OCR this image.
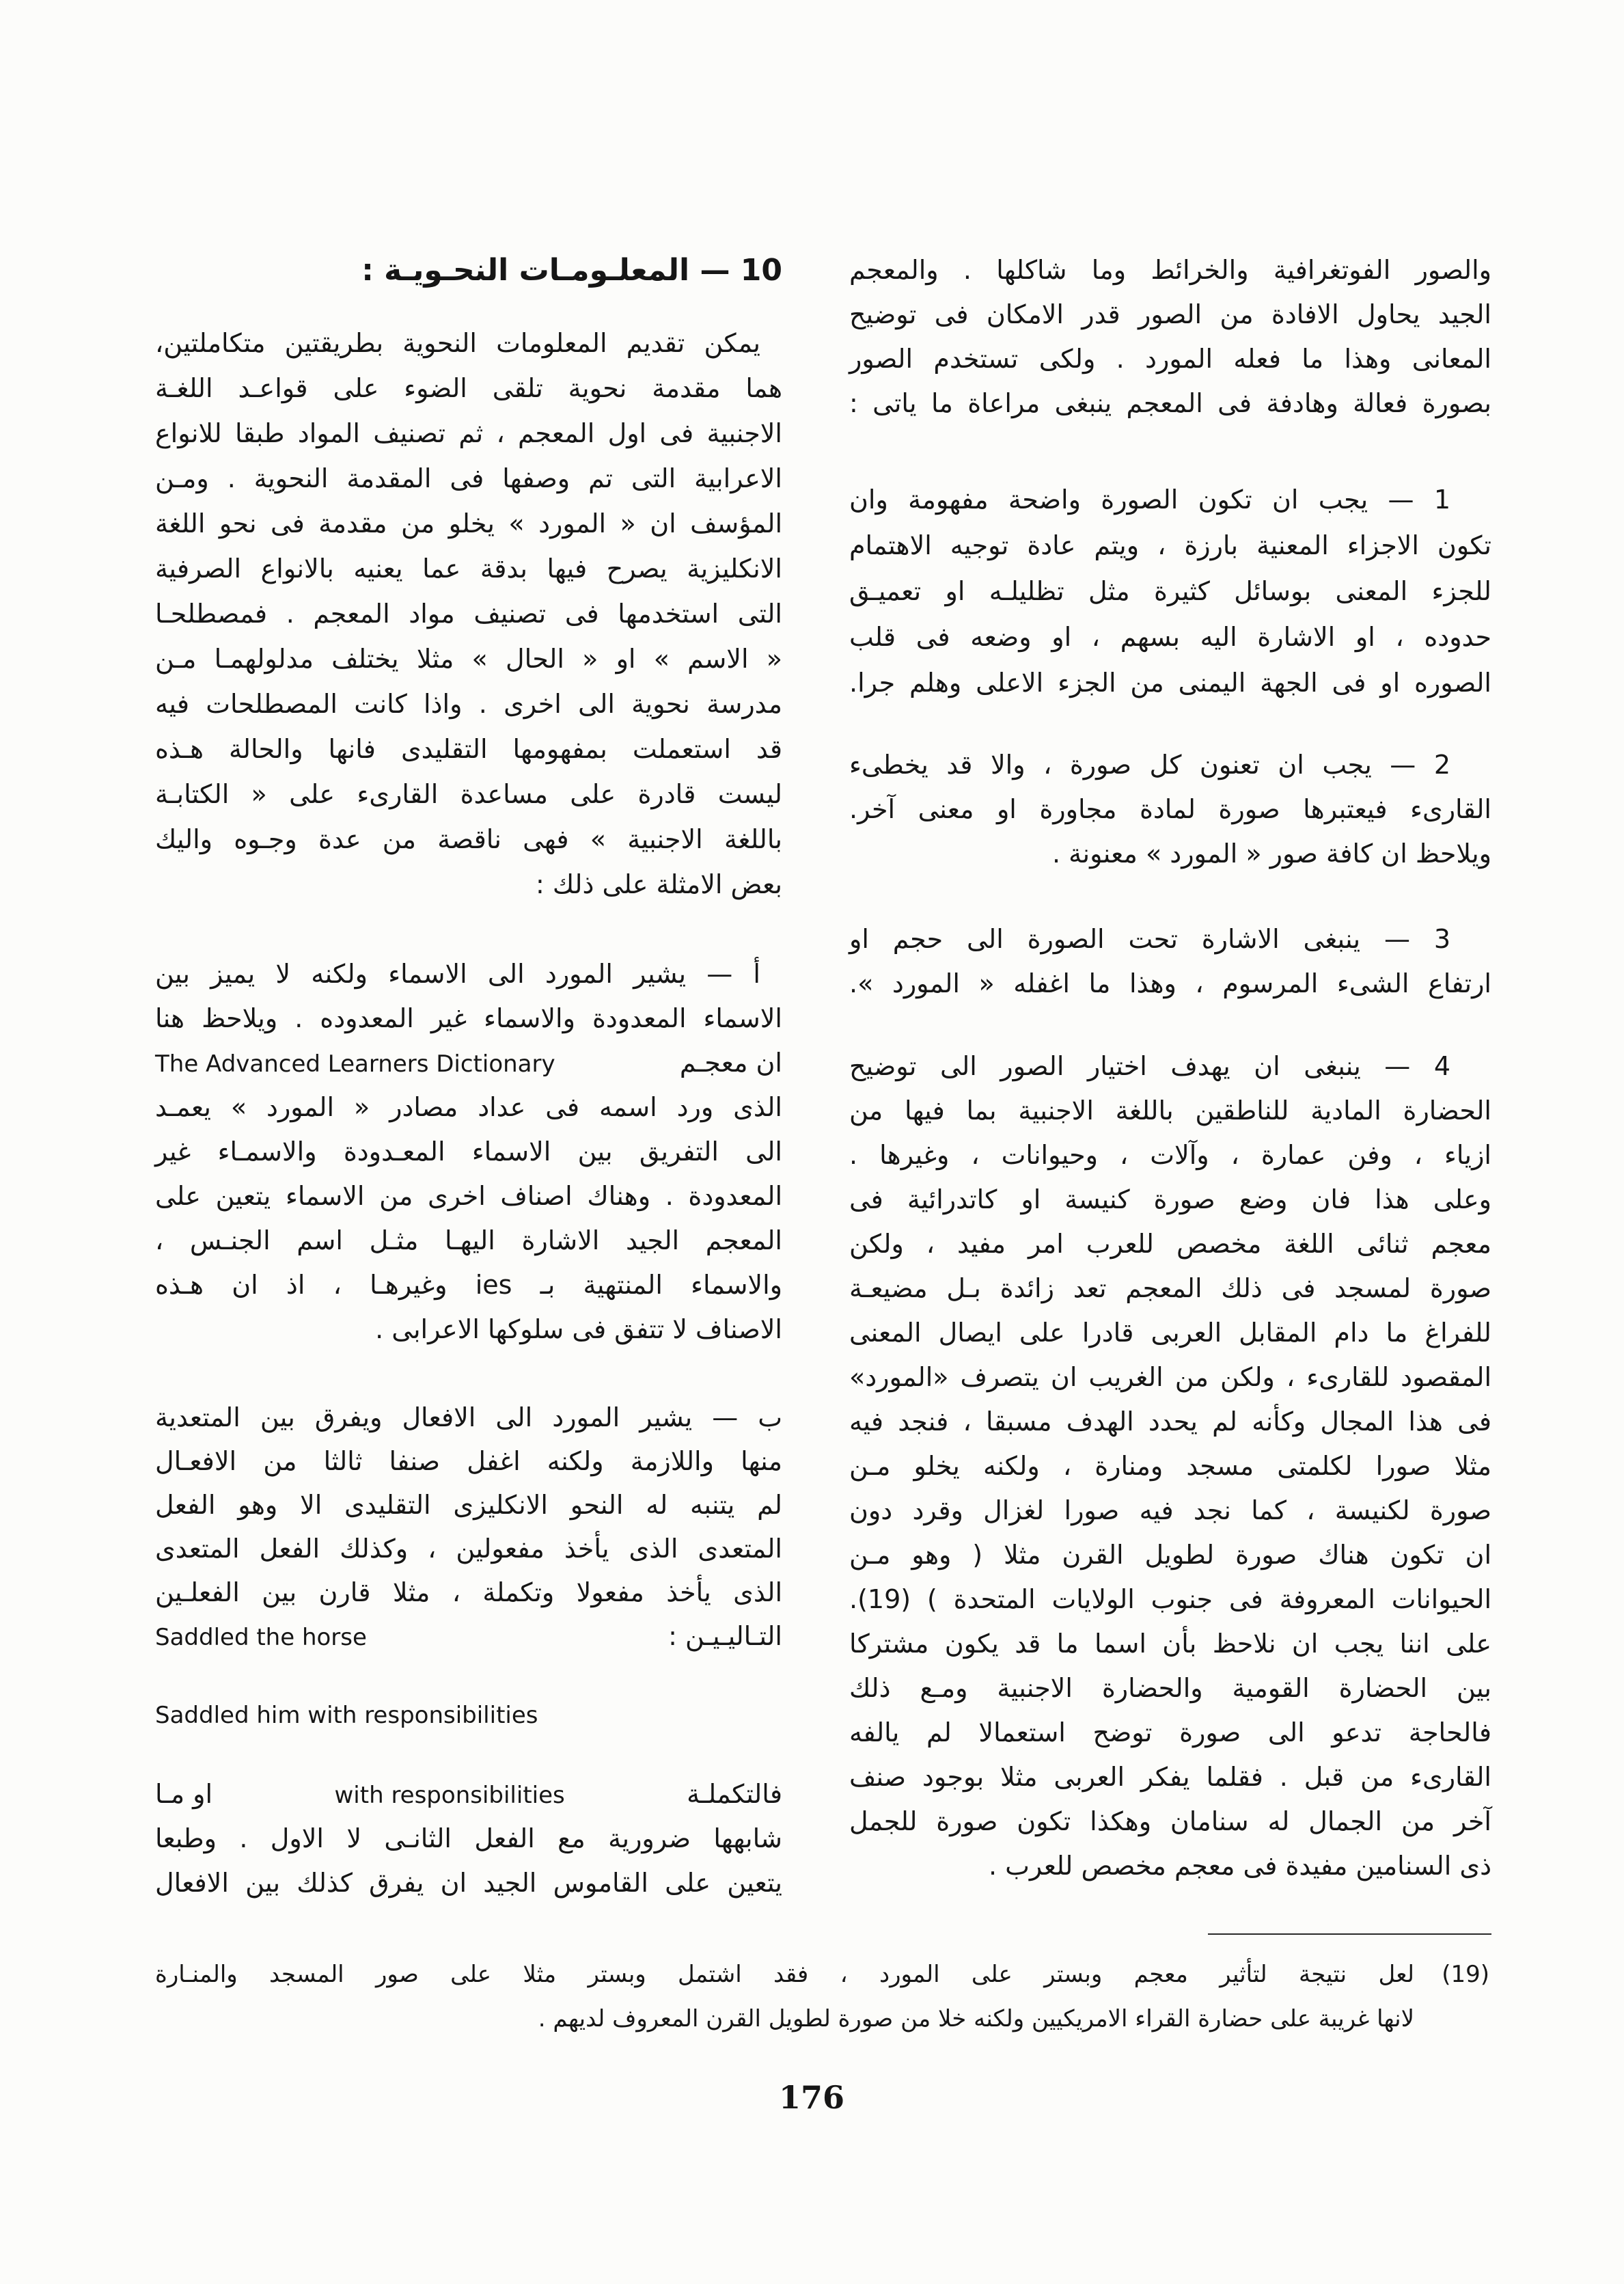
والصور الفوتغرافية والخرائط وما شاكلها . والمعجم
الجيد يحاول الافادة من الصور قدر الامكان فى توضيح
المعانى وهذا ما فعله المورد . ولكى تستخدم الصور
بصورة فعالة وهادفة فى المعجم ينبغى مراعاة ما ياتى :
1 — يجب ان تكون الصورة واضحة مفهومة وان
تكون الاجزاء المعنية بارزة ، ويتم عادة توجيه الاهتمام
للجزء المعنى بوسائل كثيرة مثل تظليلـه او تعميـق
حدوده ، او الاشارة اليه بسهم ، او وضعه فى قلب
الصوره او فى الجهة اليمنى من الجزء الاعلى وهلم جرا.
2 — يجب ان تعنون كل صورة ، والا قد يخطىء
القارىء فيعتبرها صورة لمادة مجاورة او معنى آخر.
ويلاحظ ان كافة صور « المورد » معنونة .
3 — ينبغى الاشارة تحت الصورة الى حجم او
ارتفاع الشىء المرسوم ، وهذا ما اغفله « المورد ».
4 — ينبغى ان يهدف اختيار الصور الى توضيح
الحضارة المادية للناطقين باللغة الاجنبية بما فيها من
ازياء ، وفن عمارة ، وآلات ، وحيوانات ، وغيرها .
وعلى هذا فان وضع صورة كنيسة او كاتدرائية فى
معجم ثنائى اللغة مخصص للعرب امر مفيد ، ولكن
صورة لمسجد فى ذلك المعجم تعد زائدة بـل مضيعـة
للفراغ ما دام المقابل العربى قادرا على ايصال المعنى
المقصود للقارىء ، ولكن من الغريب ان يتصرف «المورد»
فى هذا المجال وكأنه لم يحدد الهدف مسبقا ، فنجد فيه
مثلا صورا لكلمتى مسجد ومنارة ، ولكنه يخلو مـن
صورة لكنيسة ، كما نجد فيه صورا لغزال وقرد دون
ان تكون هناك صورة لطويل القرن مثلا ( وهو مـن
الحيوانات المعروفة فى جنوب الولايات المتحدة ) (19).
على اننا يجب ان نلاحظ بأن اسما ما قد يكون مشتركا
بين الحضارة القومية والحضارة الاجنبية ومـع ذلك
فالحاجة تدعو الى صورة توضح استعمالا لم يالفه
القارىء من قبل . فقلما يفكر العربى مثلا بوجود صنف
آخر من الجمال له سنامان وهكذا تكون صورة للجمل
ذى السنامين مفيدة فى معجم مخصص للعرب .
10 — المعلـومـات النحـويـة :
يمكن تقديم المعلومات النحوية بطريقتين متكاملتين،
هما مقدمة نحوية تلقى الضوء على قواعـد اللغـة
الاجنبية فى اول المعجم ، ثم تصنيف المواد طبقا للانواع
الاعرابية التى تم وصفها فى المقدمة النحوية . ومـن
المؤسف ان « المورد » يخلو من مقدمة فى نحو اللغة
الانكليزية يصرح فيها بدقة عما يعنيه بالانواع الصرفية
التى استخدمها فى تصنيف مواد المعجم . فمصطلحـا
« الاسم » او « الحال » مثلا يختلف مدلولهمـا مـن
مدرسة نحوية الى اخرى . واذا كانت المصطلحات فيه
قد استعملت بمفهومها التقليدى فانها والحالة هـذه
ليست قادرة على مساعدة القارىء على « الكتابـة
باللغة الاجنبية » فهى ناقصة من عدة وجـوه واليك
بعض الامثلة على ذلك :
أ — يشير المورد الى الاسماء ولكنه لا يميز بين
الاسماء المعدودة والاسماء غير المعدوده . ويلاحظ هنا
ان معجـم
The Advanced Learners Dictionary
الذى ورد اسمه فى عداد مصادر « المورد » يعمـد
الى التفريق بين الاسماء المعـدودة والاسمـاء غير
المعدودة . وهناك اصناف اخرى من الاسماء يتعين على
المعجم الجيد الاشارة اليهـا مثـل اسم الجنـس ،
والاسماء المنتهية بـ ies وغيرهـا ، اذ ان هـذه
الاصناف لا تتفق فى سلوكها الاعرابى .
ب — يشير المورد الى الافعال ويفرق بين المتعدية
منها واللازمة ولكنه اغفل صنفا ثالثا من الافعـال
لم يتنبه له النحو الانكليزى التقليدى الا وهو الفعل
المتعدى الذى يأخذ مفعولين ، وكذلك الفعل المتعدى
الذى يأخذ مفعولا وتكملة ، مثلا قارن بين الفعلـين
التـاليـيـن :
Saddled the horse
Saddled him with responsibilities
فالتكملـة
with responsibilities
او مـا
شابهها ضرورية مع الفعل الثانـى لا الاول . وطبعا
يتعين على القاموس الجيد ان يفرق كذلك بين الافعال
(19)
لعل نتيجة لتأثير معجم وبستر على المورد ، فقد اشتمل وبستر مثلا على صور المسجد والمنـارة
لانها غريبة على حضارة القراء الامريكيين ولكنه خلا من صورة لطويل القرن المعروف لديهم .
176
